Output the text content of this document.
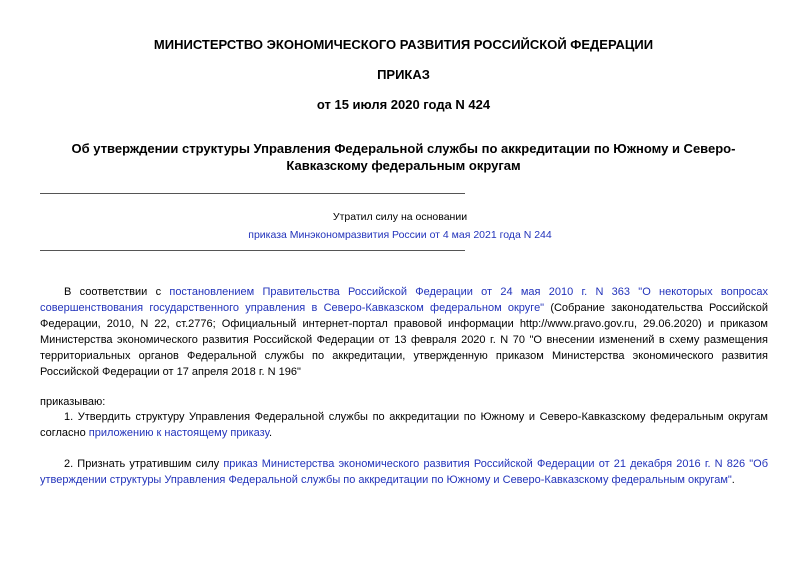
МИНИСТЕРСТВО ЭКОНОМИЧЕСКОГО РАЗВИТИЯ РОССИЙСКОЙ ФЕДЕРАЦИИ
ПРИКАЗ
от 15 июля 2020 года N 424
Об утверждении структуры Управления Федеральной службы по аккредитации по Южному и Северо-Кавказскому федеральным округам
Утратил силу на основании
приказа Минэкономразвития России от 4 мая 2021 года N 244

В соответствии с постановлением Правительства Российской Федерации от 24 мая 2010 г. N 363 "О некоторых вопросах совершенствования государственного управления в Северо-Кавказском федеральном округе" (Собрание законодательства Российской Федерации, 2010, N 22, ст.2776; Официальный интернет-портал правовой информации http://www.pravo.gov.ru, 29.06.2020) и приказом Министерства экономического развития Российской Федерации от 13 февраля 2020 г. N 70 "О внесении изменений в схему размещения территориальных органов Федеральной службы по аккредитации, утвержденную приказом Министерства экономического развития Российской Федерации от 17 апреля 2018 г. N 196"

приказываю:

1. Утвердить структуру Управления Федеральной службы по аккредитации по Южному и Северо-Кавказскому федеральным округам согласно приложению к настоящему приказу.

2. Признать утратившим силу приказ Министерства экономического развития Российской Федерации от 21 декабря 2016 г. N 826 "Об утверждении структуры Управления Федеральной службы по аккредитации по Южному и Северо-Кавказскому федеральным округам".
